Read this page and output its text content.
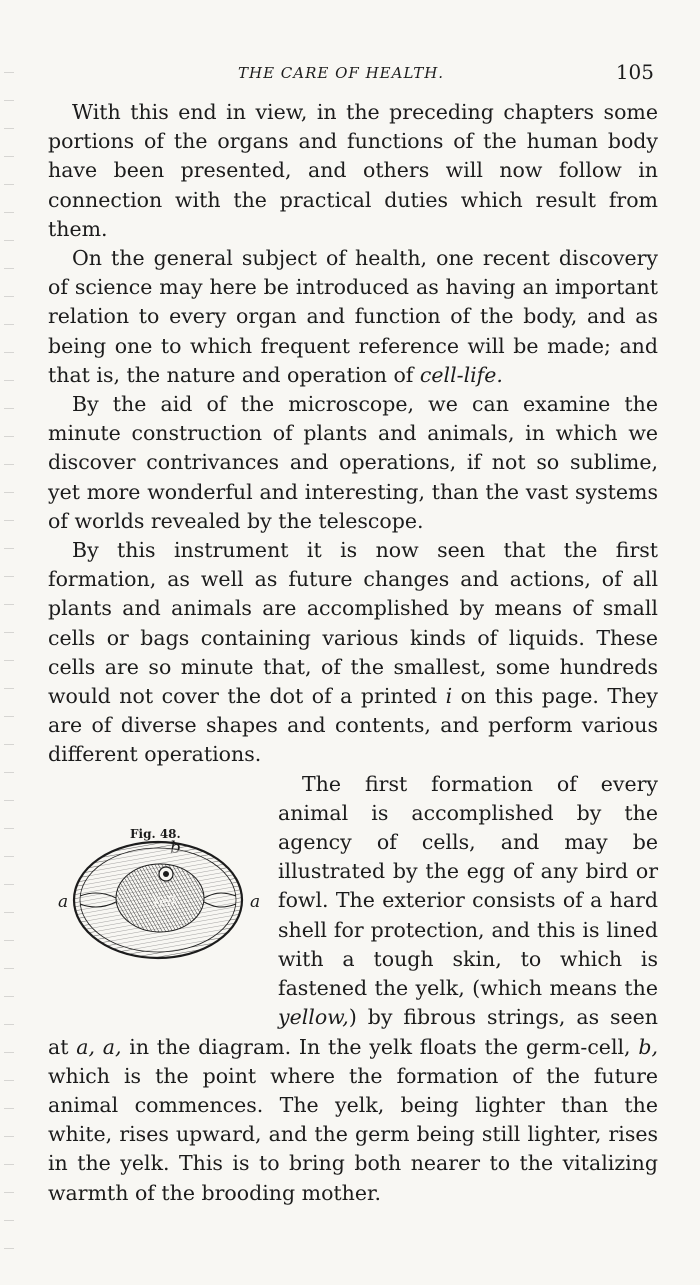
THE CARE OF HEALTH.	105

With this end in view, in the preceding chapters some portions of the organs and functions of the human body have been presented, and others will now follow in connection with the practical duties which result from them.

On the general subject of health, one recent discovery of science may here be introduced as having an important relation to every organ and function of the body, and as being one to which frequent reference will be made; and that is, the nature and operation of cell-life.

By the aid of the microscope, we can examine the minute construction of plants and animals, in which we discover contrivances and operations, if not so sublime, yet more wonderful and interesting, than the vast systems of worlds revealed by the telescope.

By this instrument it is now seen that the first formation, as well as future changes and actions, of all plants and animals are accomplished by means of small cells or bags containing various kinds of liquids. These cells are so minute that, of the smallest, some hundreds would not cover the dot of a printed i on this page. They are of diverse shapes and contents, and perform various different operations.

Fig. 48.
a	a
Yelk

The first formation of every animal is accomplished by the agency of cells, and may be illustrated by the egg of any bird or fowl. The exterior consists of a hard shell for protection, and this is lined with a tough skin, to which is fastened the yelk, (which means the yellow,) by fibrous strings, as seen at a, a, in the diagram. In the yelk floats the germ-cell, b, which is the point where the formation of the future animal commences. The yelk, being lighter than the white, rises upward, and the germ being still lighter, rises in the yelk. This is to bring both nearer to the vitalizing warmth of the brooding mother.
